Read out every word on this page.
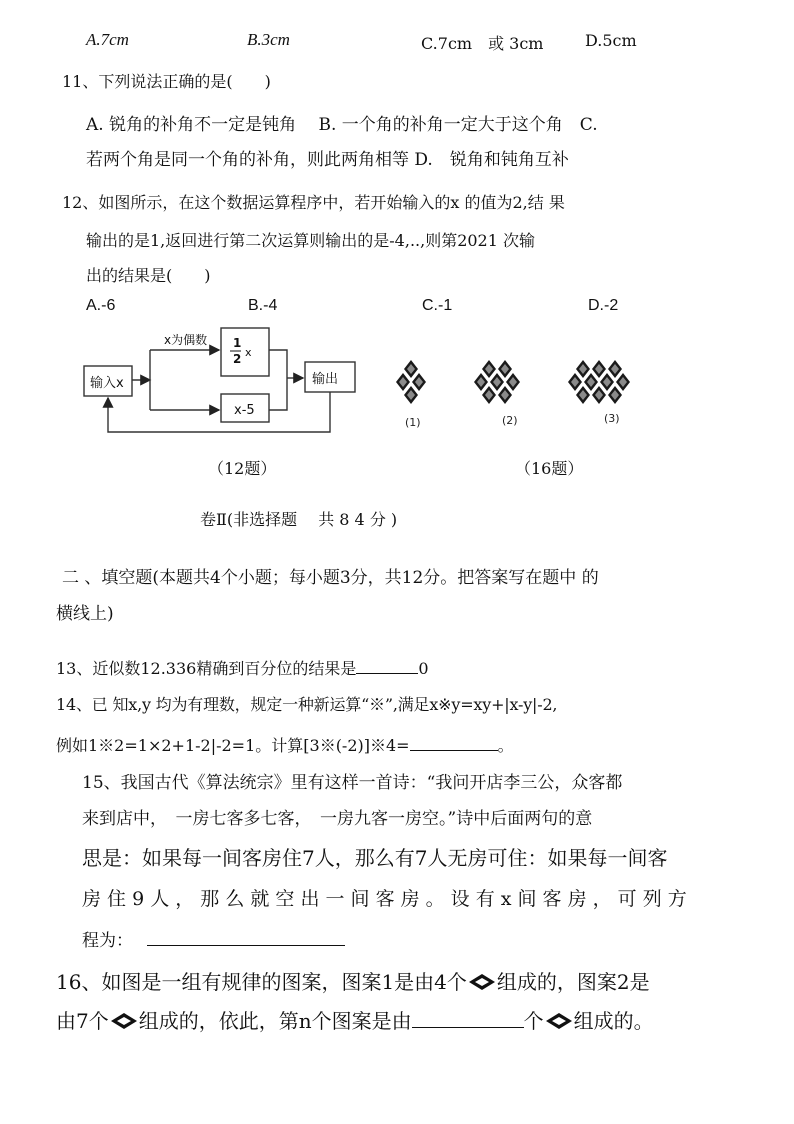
A.7cm	B.3cm	C.7cm　或 3cm	D.5cm
11、下列说法正确的是(　　)
A. 锐角的补角不一定是钝角　 B. 一个角的补角一定大于这个角　C.
若两个角是同一个角的补角，则此两角相等 D.　锐角和钝角互补
12、如图所示，在这个数据运算程序中，若开始输入的x 的值为2,结 果
输出的是1,返回进行第二次运算则输出的是-4,..,则第2021 次输
出的结果是(　　)
A.-6	B.-4	C.-1	D.-2
输入x
x为偶数 1
2 x
x-5
输出
(1)	(2)	(3)
（12题）	（16题）
卷Ⅱ(非选择题　 共 8 4 分 )
二 、填空题(本题共4个小题；每小题3分，共12分。把答案写在题中 的
横线上)
13、近似数12.336精确到百分位的结果是	0
14、已 知x,y 均为有理数，规定一种新运算“※”,满足x※y=xy+|x-y|-2,
例如1※2=1×2+1-2|-2=1。计算[3※(-2)]※4=	。
15、我国古代《算法统宗》里有这样一首诗：“我问开店李三公，众客都
来到店中，　一房七客多七客，　一房九客一房空。”诗中后面两句的意
思是：如果每一间客房住7人，那么有7人无房可住：如果每一间客
房 住 9 人 ， 那 么 就 空 出 一 间 客 房 。 设 有 x 间 客 房 ， 可 列 方
程为：
16、如图是一组有规律的图案，图案1是由4个 组成的，图案2是
由7个 组成的，依此，第n个图案是由	个 组成的。
